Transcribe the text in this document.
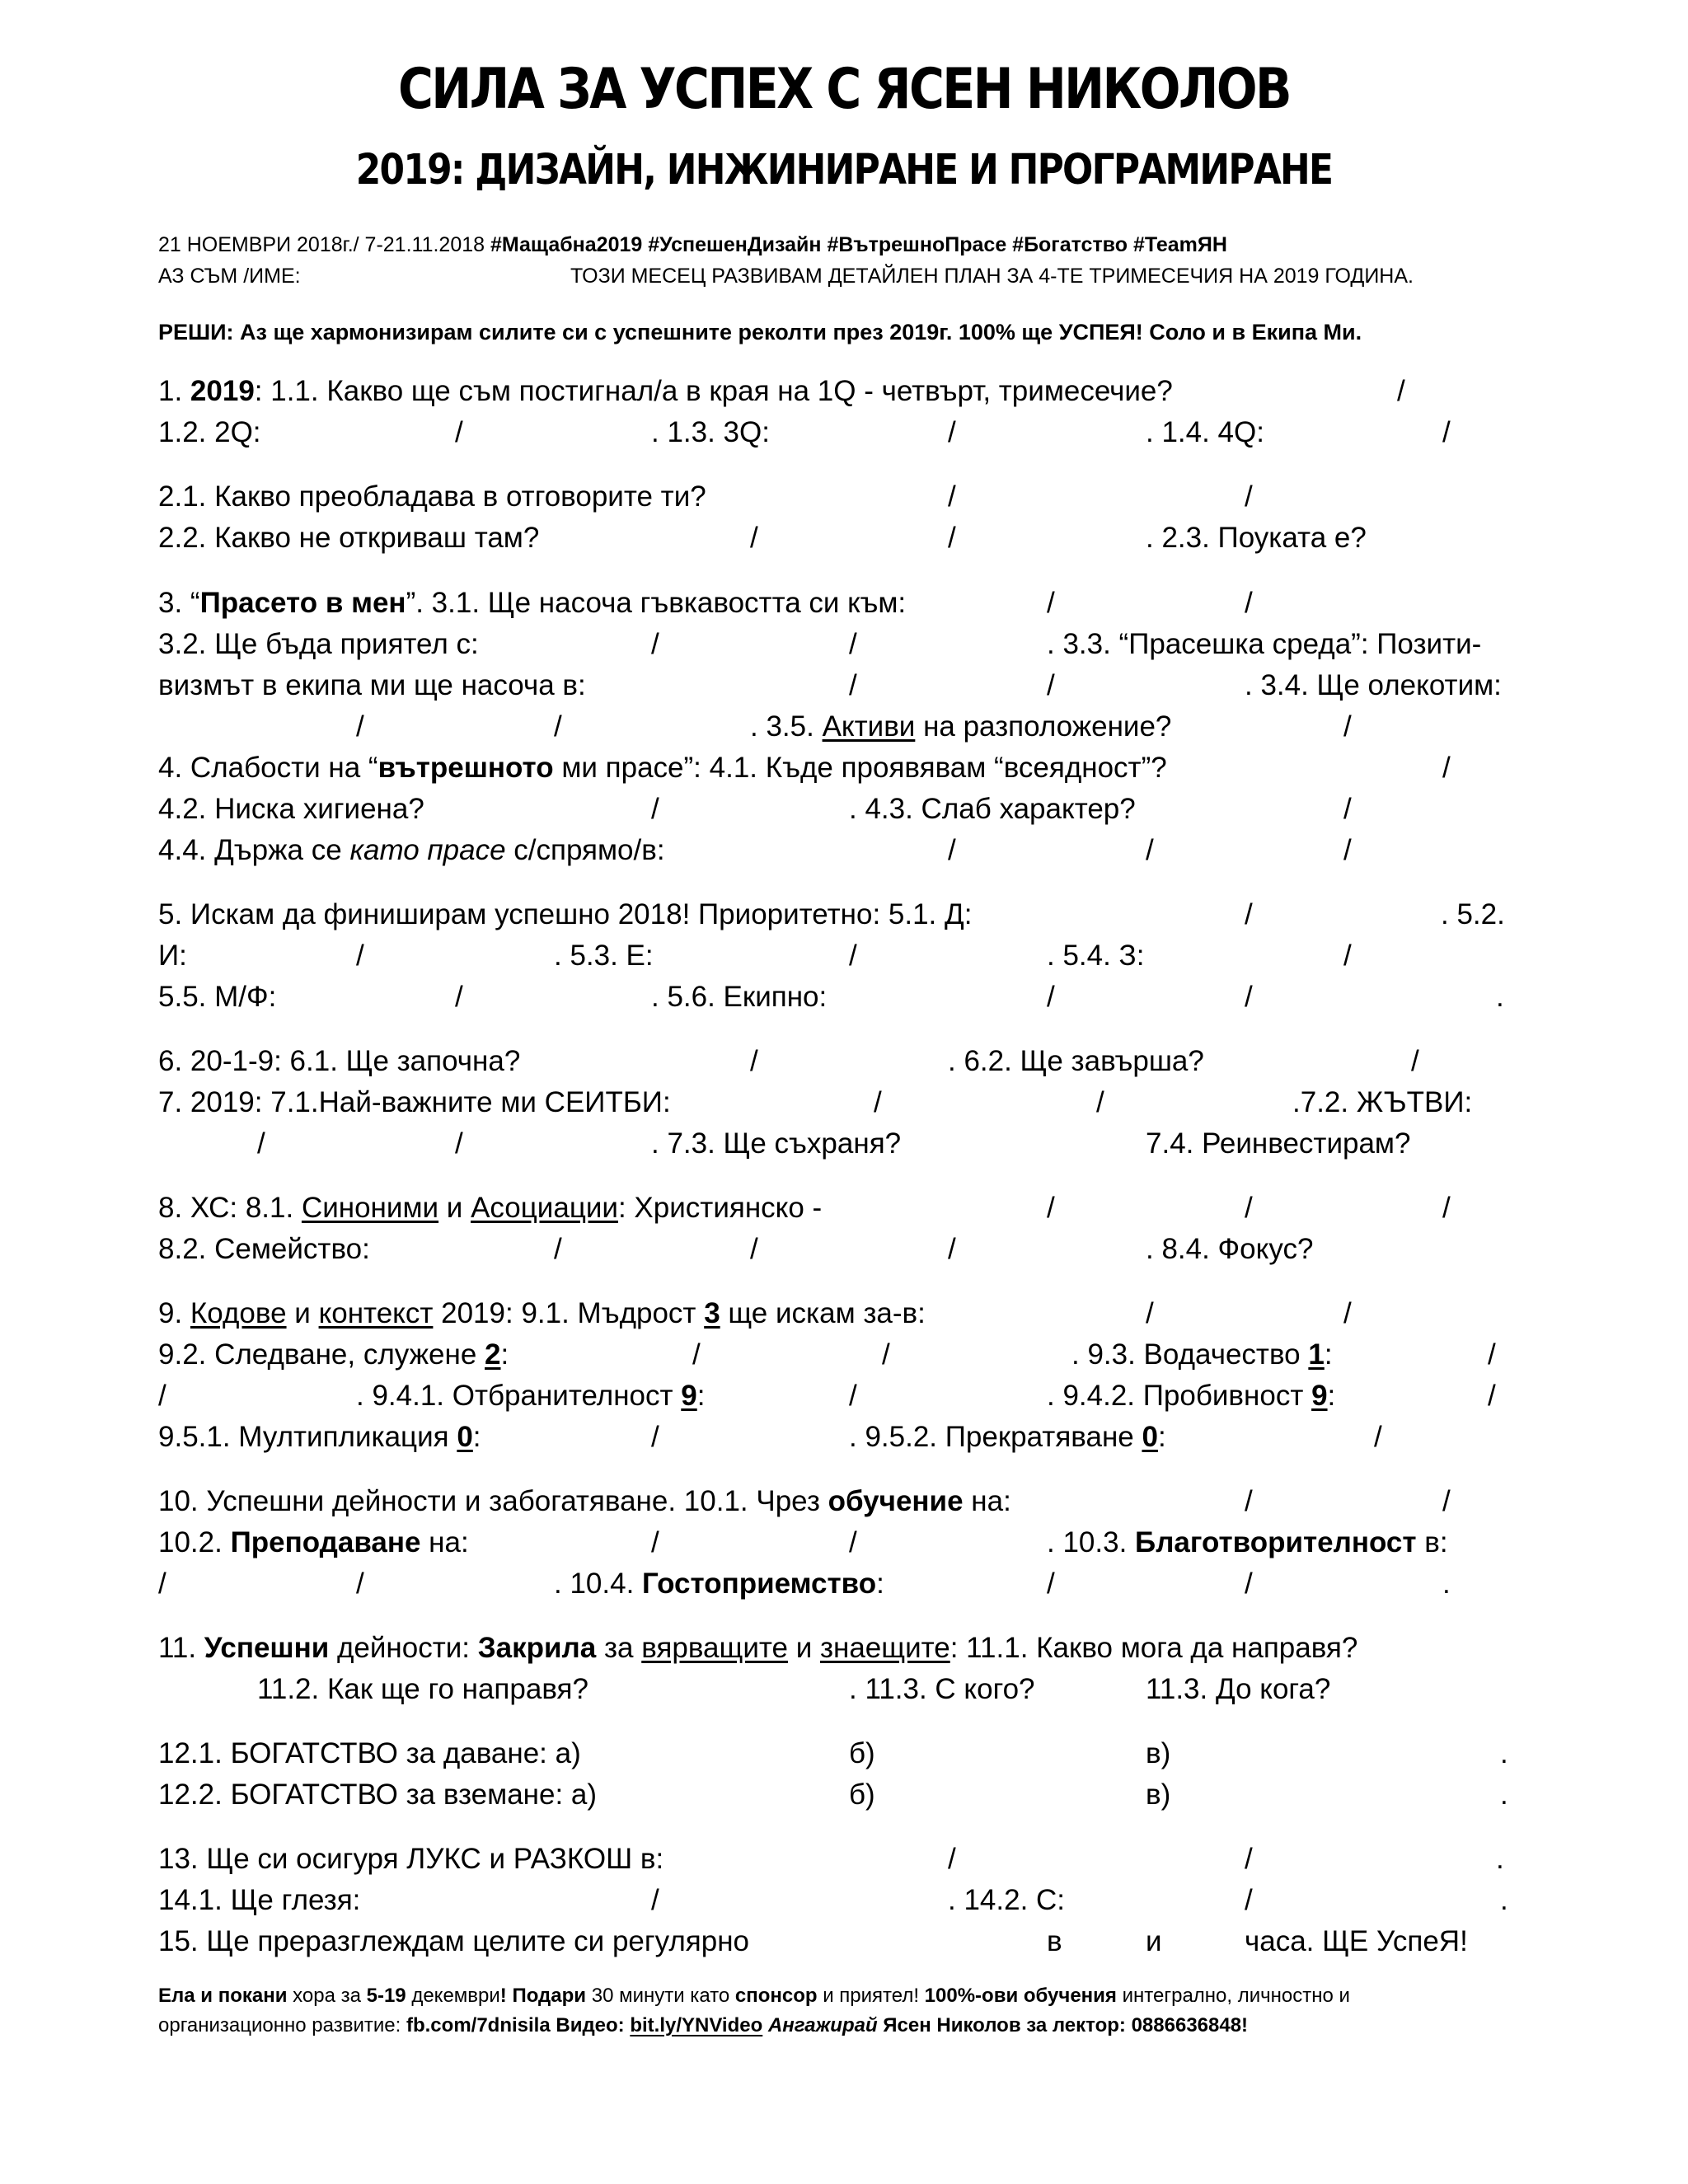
СИЛА ЗА УСПЕХ С ЯСЕН НИКОЛОВ
2019: ДИЗАЙН, ИНЖИНИРАНЕ И ПРОГРАМИРАНЕ
21 НОЕМВРИ 2018г./ 7-21.11.2018 #Мащабна2019 #УспешенДизайн #ВътрешноПрасе #Богатство #ТеamЯН
АЗ СЪМ /ИМЕ:	ТОЗИ МЕСЕЦ РАЗВИВАМ ДЕТАЙЛЕН ПЛАН ЗА 4-ТЕ ТРИМЕСЕЧИЯ НА 2019 ГОДИНА.
РЕШИ: Аз ще хармонизирам силите си с успешните реколти през 2019г. 100% ще УСПЕЯ! Соло и в Екипа Ми.
1. 2019: 1.1. Какво ще съм постигнал/а в края на 1Q - четвърт, тримесечие?	/
1.2. 2Q:	/	. 1.3. 3Q:	/	. 1.4. 4Q:	/
2.1. Какво преобладава в отговорите ти?	/	/
2.2. Какво не откриваш там?	/	/	. 2.3. Поуката е?
3. “Прасето в мен”. 3.1. Ще насоча гъвкавостта си към:	/	/
3.2. Ще бъда приятел с:	/	/	. 3.3. “Прасешка среда”: Позити-
визмът в екипа ми ще насоча в:	/	/	. 3.4. Ще олекотим:
/	/	. 3.5. Активи на разположение?	/
4. Слабости на “вътрешното ми прасе”: 4.1. Къде проявявам “всеядност”?	/
4.2. Ниска хигиена?	/	. 4.3. Слаб характер?	/
4.4. Държа се като прасе с/спрямо/в:	/	/	/
5. Искам да финиширам успешно 2018! Приоритетно: 5.1. Д:	/	. 5.2.
И:	/	. 5.3. Е:	/	. 5.4. З:	/
5.5. М/Ф:	/	. 5.6. Екипно:	/	/	.
6. 20-1-9: 6.1. Ще започна?	/	. 6.2. Ще завърша?	/
7. 2019: 7.1.Най-важните ми СЕИТБИ:	/	/	.7.2. ЖЪТВИ:
/	/	. 7.3. Ще съхраня?	7.4. Реинвестирам?
8. ХС: 8.1. Синоними и Асоциации: Християнско -	/	/	/
8.2. Семейство:	/	/	/	. 8.4. Фокус?
9. Кодове и контекст 2019: 9.1. Мъдрост 3 ще искам за-в:	/	/
9.2. Следване, служене 2:	/	/	. 9.3. Водачество 1:	/
/	. 9.4.1. Отбранителност 9:	/	. 9.4.2. Пробивност 9:	/
9.5.1. Мултипликация 0:	/	. 9.5.2. Прекратяване 0:	/
10. Успешни дейности и забогатяване. 10.1. Чрез обучение на:	/	/
10.2. Преподаване на:	/	/	. 10.3. Благотворителност в:
/	/	. 10.4. Гостоприемство:	/	/	.
11. Успешни дейности: Закрила за вярващите и знаещите: 11.1. Какво мога да направя?
11.2. Как ще го направя?	. 11.3. С кого?	11.3. До кога?
12.1. БОГАТСТВО за даване: а)	б)	в)	.
12.2. БОГАТСТВО за вземане: а)	б)	в)	.
13. Ще си осигуря ЛУКС и РАЗКОШ в:	/	/	.
14.1. Ще глезя:	/	. 14.2. С:	/	.
15. Ще преразглеждам целите си регулярно	в	и	часа. ЩЕ УспеЯ!
Ела и покани хора за 5-19 декември! Подари 30 минути като спонсор и приятел! 100%-ови обучения интегрално, личностно и
организационно развитие: fb.com/7dnisila Видео: bit.ly/YNVideo Ангажирай Ясен Николов за лектор: 0886636848!
